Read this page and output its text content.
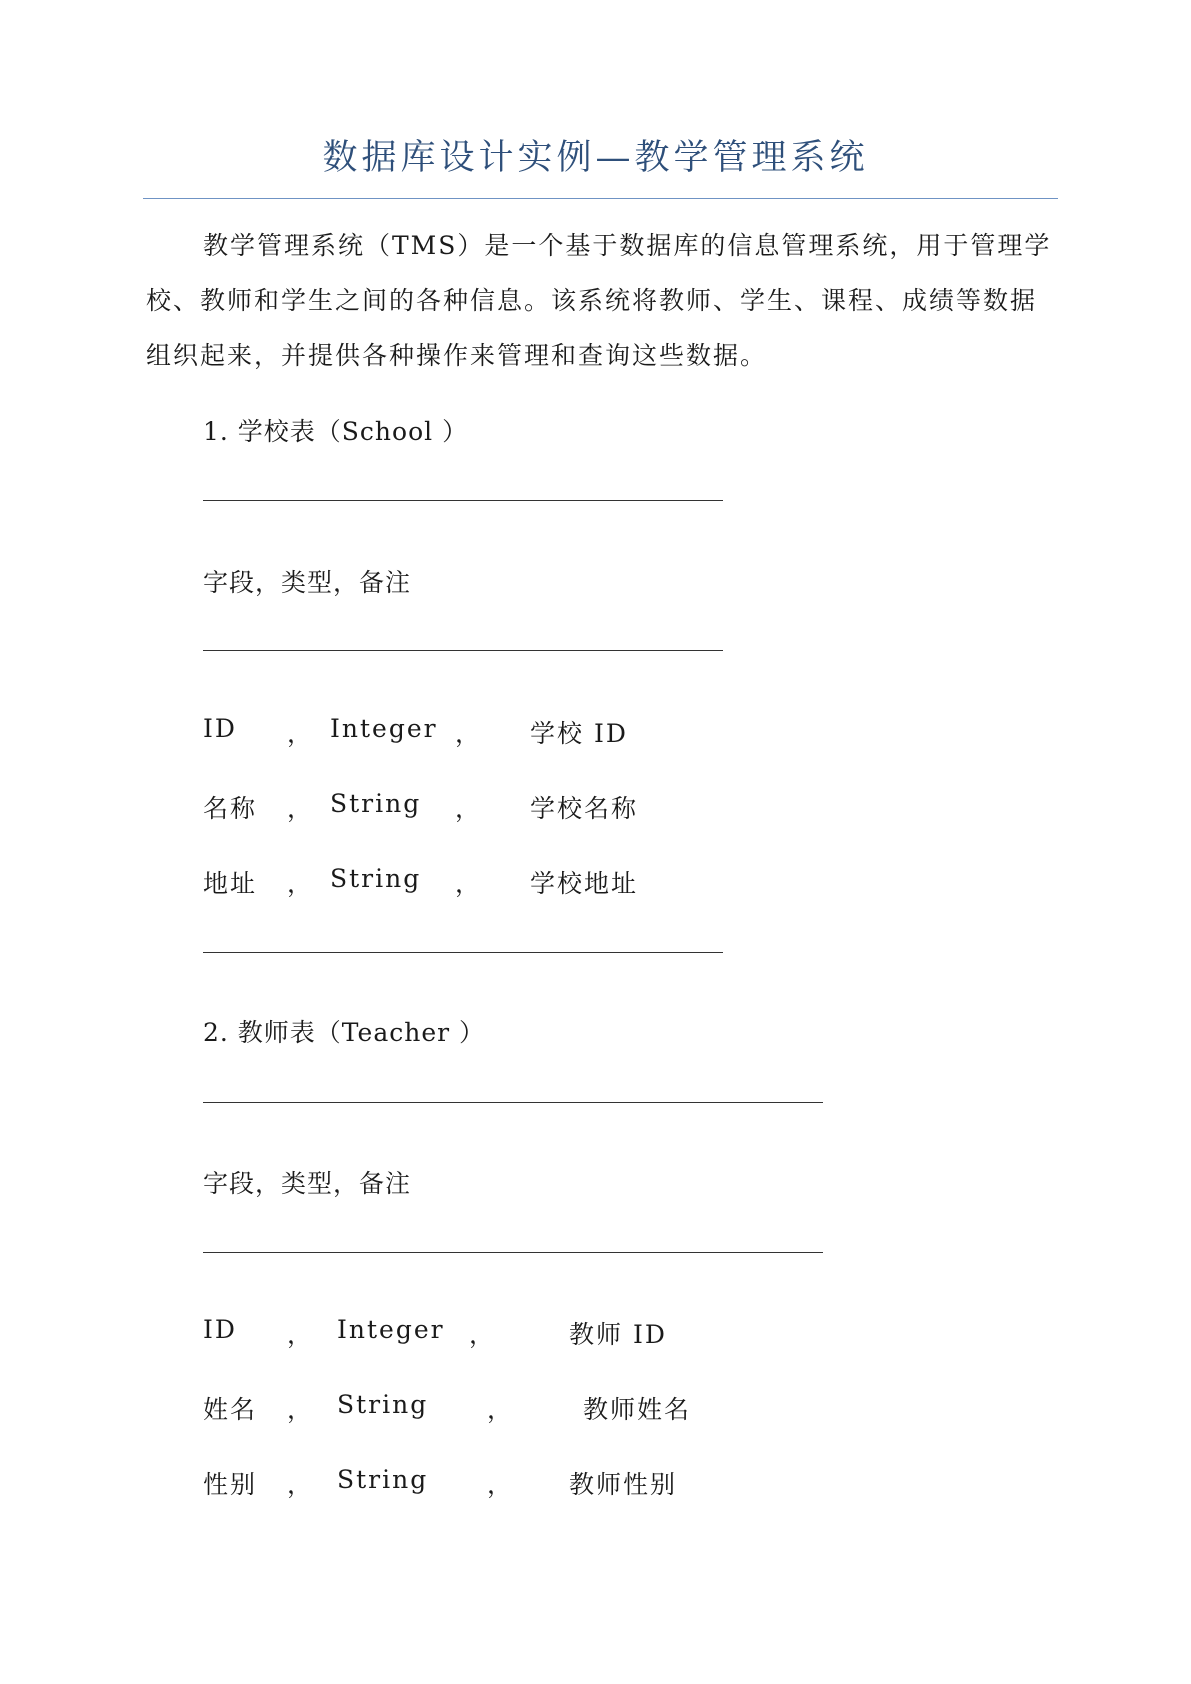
数据库设计实例—教学管理系统
教学管理系统（TMS）是一个基于数据库的信息管理系统，用于管理学校、教师和学生之间的各种信息。该系统将教师、学生、课程、成绩等数据组织起来，并提供各种操作来管理和查询这些数据。
1. 学校表（School ）
字段，类型，备注
ID ， Integer ， 学校 ID
名称 ， String ， 学校名称
地址 ， String ， 学校地址
2. 教师表（Teacher ）
字段，类型，备注
ID ， Integer ，	教师 ID
姓名 ， String ，	教师姓名
性别 ， String ， 教师性别
